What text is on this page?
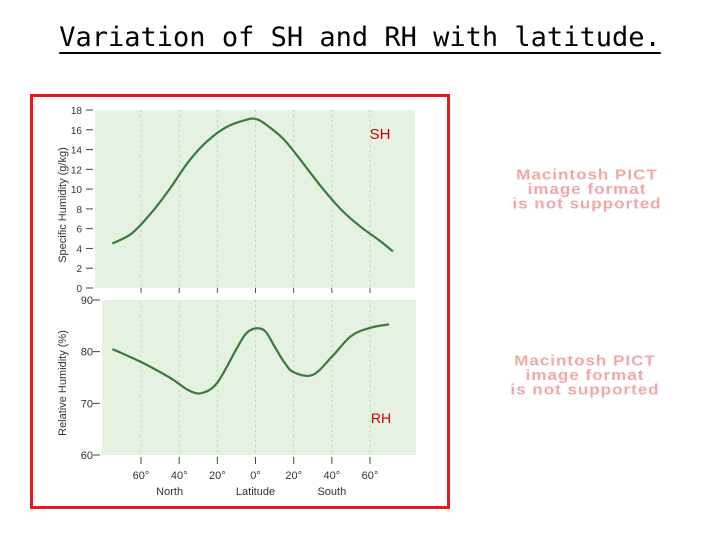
Variation of SH and RH with latitude.
0
2
4
6
8
10
12
14
16
18
Specific Humidity (g/kg)
SH
60
70
80
90
Relative Humidity (%)	RH
60° 40° 20° 0° 20° 40° 60°
North	Latitude	South
Macintosh PICT
image format
is not supported
Macintosh PICT
image format
is not supported
